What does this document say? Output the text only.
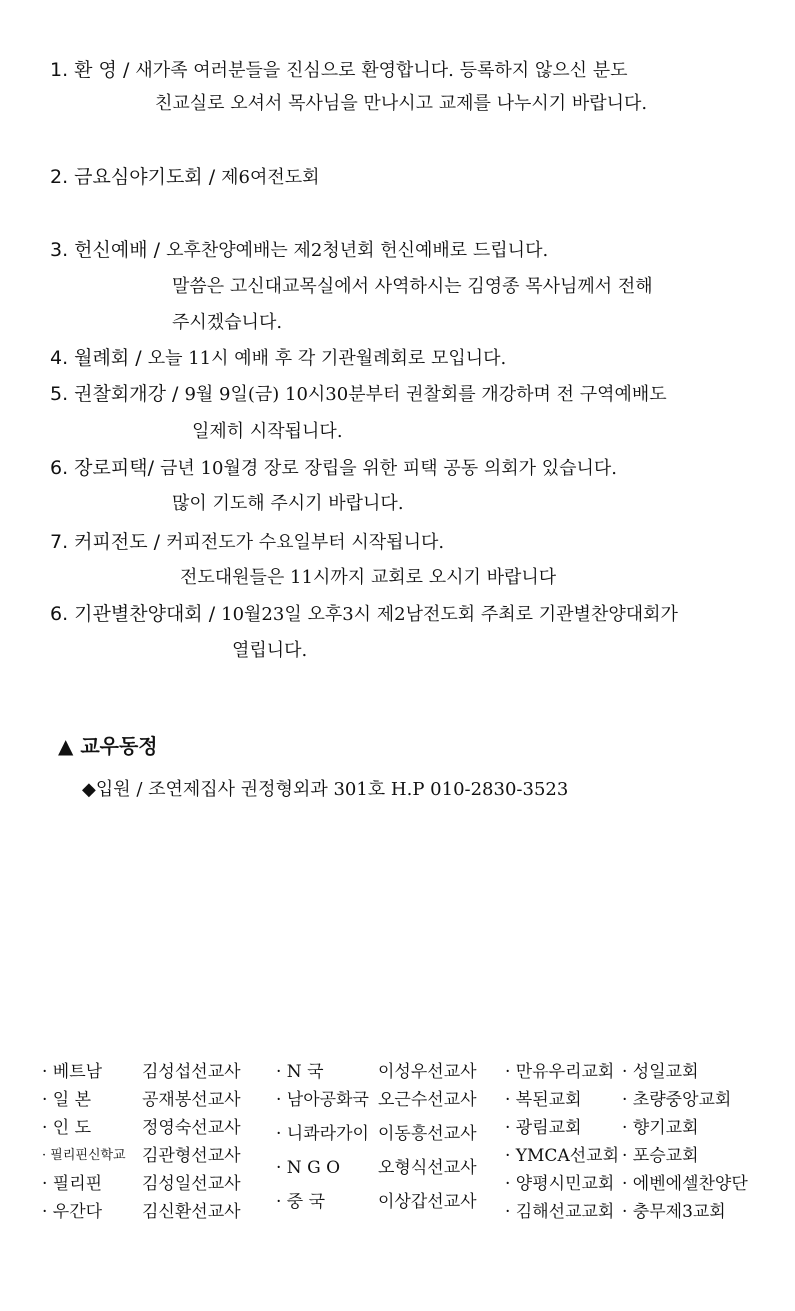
1. 환 영 / 새가족 여러분들을 진심으로 환영합니다. 등록하지 않으신 분도
친교실로 오셔서 목사님을 만나시고 교제를 나누시기 바랍니다.
2. 금요심야기도회 / 제6여전도회
3. 헌신예배 / 오후찬양예배는 제2청년회 헌신예배로 드립니다.
말씀은 고신대교목실에서 사역하시는 김영종 목사님께서 전해
주시겠습니다.
4. 월례회 / 오늘 11시 예배 후 각 기관월례회로 모입니다.
5. 권찰회개강 / 9월 9일(금) 10시30분부터 권찰회를 개강하며 전 구역예배도
일제히 시작됩니다.
6. 장로피택/ 금년 10월경 장로 장립을 위한 피택 공동 의회가 있습니다.
많이 기도해 주시기 바랍니다.
7. 커피전도 / 커피전도가 수요일부터 시작됩니다.
전도대원들은 11시까지 교회로 오시기 바랍니다
6. 기관별찬양대회 / 10월23일 오후3시 제2남전도회 주최로 기관별찬양대회가
열립니다.
▲ 교우동정
◆입원 / 조연제집사 권정형외과 301호 H.P 010-2830-3523
· 베트남
· 일 본
· 인 도
· 필리핀신학교
· 필리핀
· 우간다
김성섭선교사
공재봉선교사
정영숙선교사
김관형선교사
김성일선교사
김신환선교사
· N 국
· 남아공화국
· 니콰라가이
· N G O
· 중 국
이성우선교사
오근수선교사
이동흥선교사
오형식선교사
이상갑선교사
· 만유우리교회
· 복된교회
· 광림교회
· YMCA선교회
· 양평시민교회
· 김해선교교회
· 성일교회
· 초량중앙교회
· 향기교회
· 포승교회
· 에벤에셀찬양단
· 충무제3교회
